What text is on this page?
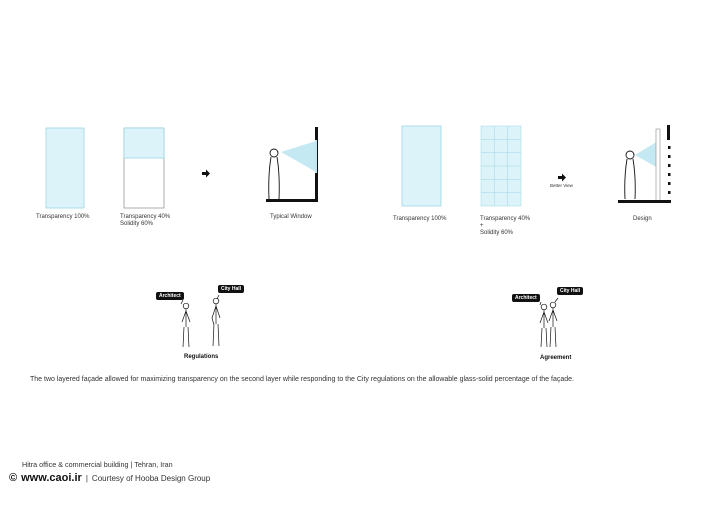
Transparency 100%	Transparency 40%
Solidity 60%
Typical Window	Transparency 100%	Transparency 40%
+
Solidity 60%
Better View
Design
Architect
City Hall
Regulations
Architect
City Hall
Agreement
The two layered façade allowed for maximizing transparency on the second layer while responding to the City regulations on the allowable glass-solid percentage of the façade.
Hitra office & commercial building | Tehran, Iran
© www.caoi.ir | Courtesy of Hooba Design Group
